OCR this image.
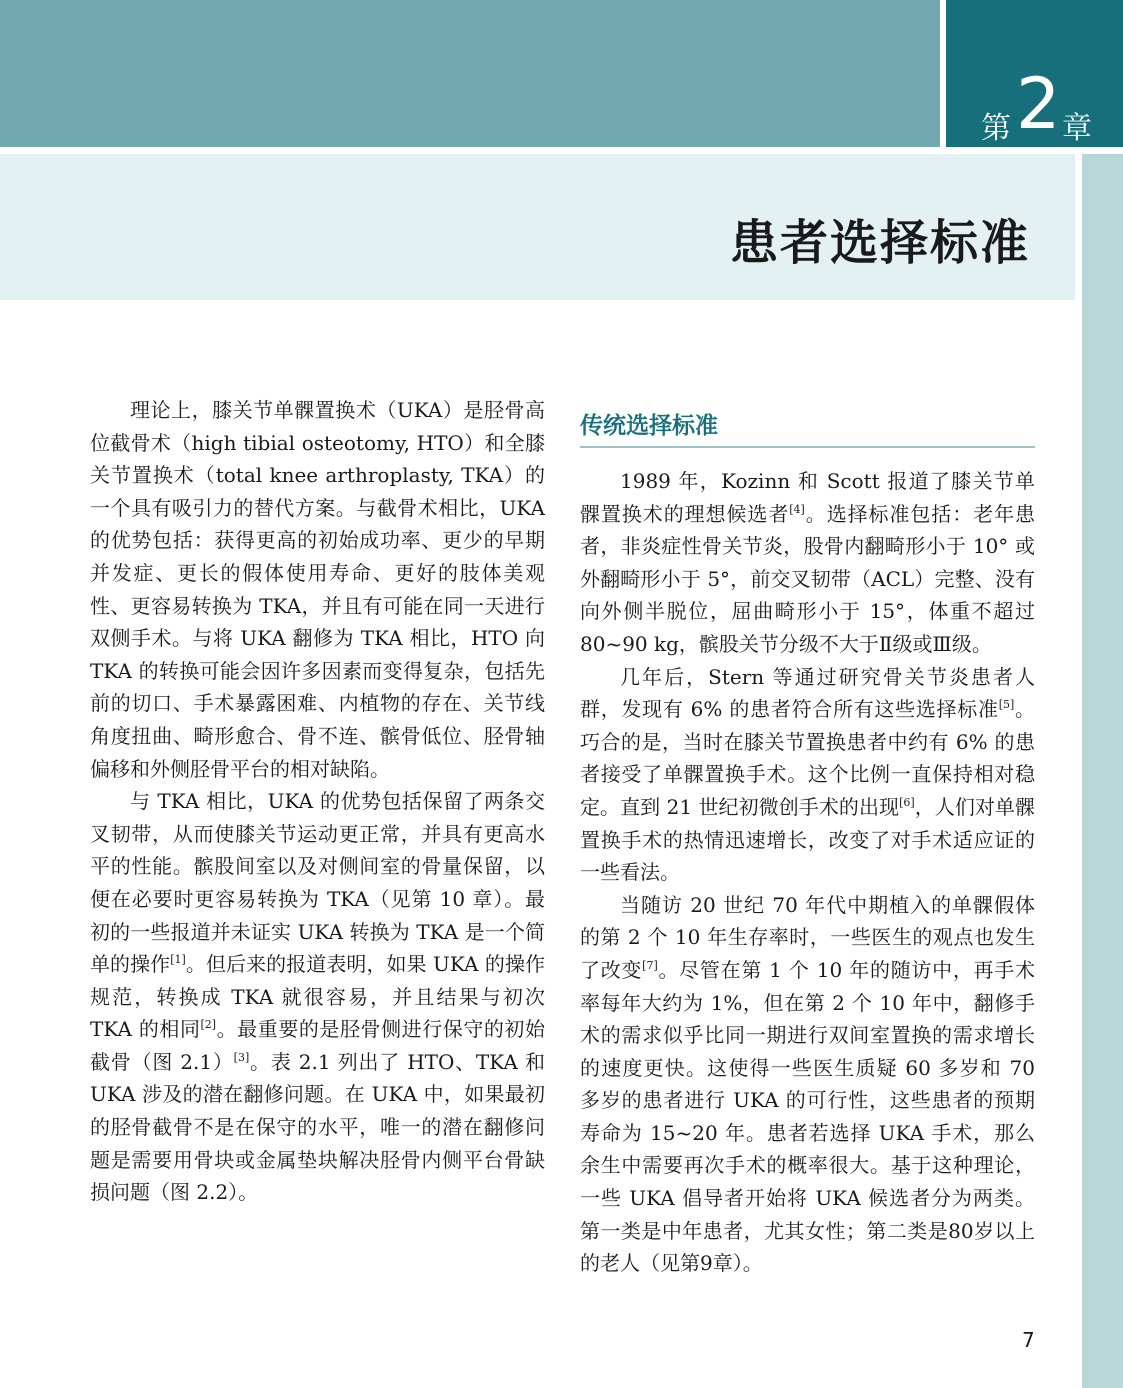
第 2 章
患者选择标准

理论上，膝关节单髁置换术（UKA）是胫骨高位截骨术（high tibial osteotomy, HTO）和全膝关节置换术（total knee arthroplasty, TKA）的一个具有吸引力的替代方案。与截骨术相比，UKA 的优势包括：获得更高的初始成功率、更少的早期并发症、更长的假体使用寿命、更好的肢体美观性、更容易转换为 TKA，并且有可能在同一天进行双侧手术。与将 UKA 翻修为 TKA 相比，HTO 向 TKA 的转换可能会因许多因素而变得复杂，包括先前的切口、手术暴露困难、内植物的存在、关节线角度扭曲、畸形愈合、骨不连、髌骨低位、胫骨轴偏移和外侧胫骨平台的相对缺陷。

与 TKA 相比，UKA 的优势包括保留了两条交叉韧带，从而使膝关节运动更正常，并具有更高水平的性能。髌股间室以及对侧间室的骨量保留，以便在必要时更容易转换为 TKA（见第 10 章）。最初的一些报道并未证实 UKA 转换为 TKA 是一个简单的操作[1]。但后来的报道表明，如果 UKA 的操作规范，转换成 TKA 就很容易，并且结果与初次 TKA 的相同[2]。最重要的是胫骨侧进行保守的初始截骨（图 2.1）[3]。表 2.1 列出了 HTO、TKA 和 UKA 涉及的潜在翻修问题。在 UKA 中，如果最初的胫骨截骨不是在保守的水平，唯一的潜在翻修问题是需要用骨块或金属垫块解决胫骨内侧平台骨缺损问题（图 2.2）。

传统选择标准

1989 年，Kozinn 和 Scott 报道了膝关节单髁置换术的理想候选者[4]。选择标准包括：老年患者，非炎症性骨关节炎，股骨内翻畸形小于 10° 或外翻畸形小于 5°，前交叉韧带（ACL）完整、没有向外侧半脱位，屈曲畸形小于 15°，体重不超过 80~90 kg，髌股关节分级不大于Ⅱ级或Ⅲ级。

几年后，Stern 等通过研究骨关节炎患者人群，发现有 6% 的患者符合所有这些选择标准[5]。巧合的是，当时在膝关节置换患者中约有 6% 的患者接受了单髁置换手术。这个比例一直保持相对稳定。直到 21 世纪初微创手术的出现[6]，人们对单髁置换手术的热情迅速增长，改变了对手术适应证的一些看法。

当随访 20 世纪 70 年代中期植入的单髁假体的第 2 个 10 年生存率时，一些医生的观点也发生了改变[7]。尽管在第 1 个 10 年的随访中，再手术率每年大约为 1%，但在第 2 个 10 年中，翻修手术的需求似乎比同一期进行双间室置换的需求增长的速度更快。这使得一些医生质疑 60 多岁和 70 多岁的患者进行 UKA 的可行性，这些患者的预期寿命为 15~20 年。患者若选择 UKA 手术，那么余生中需要再次手术的概率很大。基于这种理论，一些 UKA 倡导者开始将 UKA 候选者分为两类。第一类是中年患者，尤其女性；第二类是80岁以上的老人（见第9章）。

7
